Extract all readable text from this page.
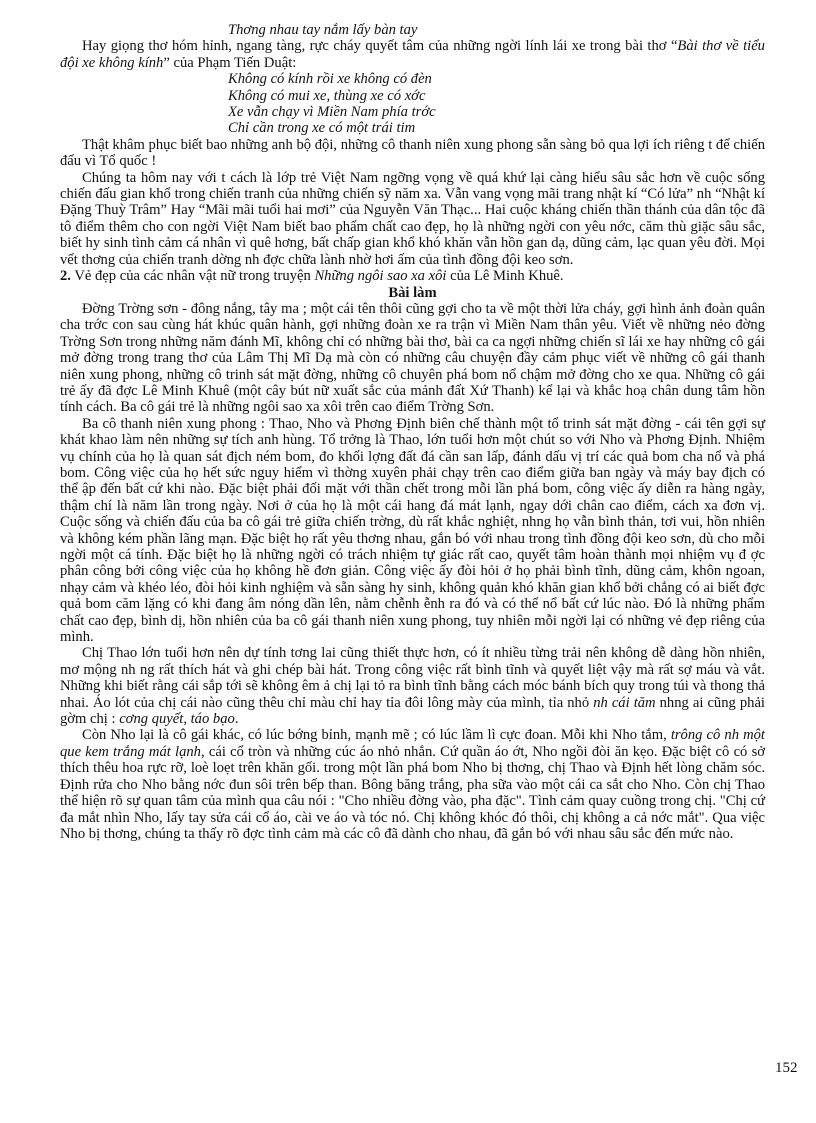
Thơng nhau tay nắm lấy bàn tay

Hay giọng thơ hóm hỉnh, ngang tàng, rực cháy quyết tâm của những ngời lính lái xe trong bài thơ “Bài thơ về tiểu đội xe không kính” của Phạm Tiến Duật:

Không có kính rồi xe không có đèn

Không có mui xe, thùng xe có xớc

Xe vẫn chạy vì Miền Nam phía trớc

Chỉ cần trong xe có một trái tim

Thật khâm phục biết bao những anh bộ đội, những cô thanh niên xung phong sẵn sàng bỏ qua lợi ích riêng t để chiến đấu vì Tổ quốc !

Chúng ta hôm nay với t cách là lớp trẻ Việt Nam ngỡng vọng về quá khứ lại càng hiểu sâu sắc hơn về cuộc sống chiến đấu gian khổ trong chiến tranh của những chiến sỹ năm xa. Vẫn vang vọng mãi trang nhật kí “Có lửa” nh “Nhật kí Đặng Thuỳ Trâm” Hay “Mãi mãi tuổi hai mơi” của Nguyễn Văn Thạc... Hai cuộc kháng chiến thần thánh của dân tộc đã tô điểm thêm cho con ngời Việt Nam biết bao phẩm chất cao đẹp, họ là những ngời con yêu nớc, căm thù giặc sâu sắc, biết hy sinh tình cảm cá nhân vì quê hơng, bất chấp gian khổ khó khăn vẫn hồn gan dạ, dũng cảm, lạc quan yêu đời. Mọi vết thơng của chiến tranh dờng nh đợc chữa lành nhờ hơi ấm của tình đồng đội keo sơn.

2. Vẻ đẹp của các nhân vật nữ trong truyện Những ngôi sao xa xôi của Lê Minh Khuê.

Bài làm

Đờng Trờng sơn - đông nắng, tây ma ; một cái tên thôi cũng gợi cho ta về một thời lửa cháy, gợi hình ảnh đoàn quân cha trớc con sau cùng hát khúc quân hành, gợi những đoàn xe ra trận vì Miền Nam thân yêu. Viết về những nẻo đờng Trờng Sơn trong những năm đánh Mĩ, không chỉ có những bài thơ, bài ca ca ngợi những chiến sĩ lái xe hay những cô gái mở đờng trong trang thơ của Lâm Thị Mĩ Dạ mà còn có những câu chuyện đầy cảm phục viết về những cô gái thanh niên xung phong, những cô trinh sát mặt đờng, những cô chuyên phá bom nổ chậm mở đờng cho xe qua. Những cô gái trẻ ấy đã đợc Lê Minh Khuê (một cây bút nữ xuất sắc của mảnh đất Xứ Thanh) kể lại và khắc hoạ chân dung tâm hồn tính cách. Ba cô gái trẻ là những ngôi sao xa xôi trên cao điểm Trờng Sơn.

Ba cô thanh niên xung phong : Thao, Nho và Phơng Định biên chế thành một tổ trinh sát mặt đờng - cái tên gợi sự khát khao làm nên những sự tích anh hùng. Tổ trởng là Thao, lớn tuổi hơn một chút so với Nho và Phơng Định. Nhiệm vụ chính của họ là quan sát địch ném bom, đo khối lợng đất đá cần san lấp, đánh dấu vị trí các quả bom cha nổ và phá bom. Công việc của họ hết sức nguy hiểm vì thờng xuyên phải chạy trên cao điểm giữa ban ngày và máy bay địch có thể ập đến bất cứ khi nào. Đặc biệt phải đối mặt với thần chết trong mỗi lần phá bom, công việc ấy diễn ra hàng ngày, thậm chí là năm lần trong ngày. Nơi ở của họ là một cái hang đá mát lạnh, ngay dới chân cao điểm, cách xa đơn vị. Cuộc sống và chiến đấu của ba cô gái trẻ giữa chiến trờng, dù rất khắc nghiệt, nhng họ vẫn bình thản, tơi vui, hồn nhiên và không kém phần lãng mạn. Đặc biệt họ rất yêu thơng nhau, gắn bó với nhau trong tình đồng đội keo sơn, dù cho mỗi ngời một cá tính. Đặc biệt họ là những ngời có trách nhiệm tự giác rất cao, quyết tâm hoàn thành mọi nhiệm vụ đ ợc phân công bởi công việc của họ không hề đơn giản. Công việc ấy đòi hỏi ở họ phải bình tĩnh, dũng cảm, khôn ngoan, nhạy cảm và khéo léo, đòi hỏi kinh nghiệm và sẵn sàng hy sinh, không quản khó khăn gian khổ bởi chẳng có ai biết đợc quả bom căm lặng có khi đang âm nóng dần lên, nằm chễnh ễnh ra đó và có thể nổ bất cứ lúc nào. Đó là những phẩm chất cao đẹp, bình dị, hồn nhiên của ba cô gái thanh niên xung phong, tuy nhiên mỗi ngời lại có những vẻ đẹp riêng của mình.

Chị Thao lớn tuổi hơn nên dự tính tơng lai cũng thiết thực hơn, có ít nhiều từng trải nên không dễ dàng hồn nhiên, mơ mộng nh ng rất thích hát và ghi chép bài hát. Trong công việc rất bình tĩnh và quyết liệt vậy mà rất sợ máu và vắt. Những khi biết rằng cái sắp tới sẽ không êm ả chị lại tỏ ra bình tĩnh bằng cách móc bánh bích quy trong túi và thong thả nhai. Áo lót của chị cái nào cũng thêu chỉ màu chỉ hay tỉa đôi lông mày của mình, tỉa nhỏ nh cái tăm nhng ai cũng phải gờm chị : cơng quyết, táo bạo.

Còn Nho lại là cô gái khác, có lúc bớng bỉnh, mạnh mẽ ; có lúc lầm lì cực đoan. Mỗi khi Nho tắm, trông cô nh một que kem trắng mát lạnh, cái cổ tròn và những cúc áo nhỏ nhắn. Cứ quần áo ớt, Nho ngồi đòi ăn kẹo. Đặc biệt cô có sở thích thêu hoa rực rỡ, loè loẹt trên khăn gối. trong một lần phá bom Nho bị thơng, chị Thao và Định hết lòng chăm sóc. Định rửa cho Nho bằng nớc đun sôi trên bếp than. Bông băng trắng, pha sữa vào một cái ca sắt cho Nho. Còn chị Thao thể hiện rõ sự quan tâm của mình qua câu nói : "Cho nhiều đờng vào, pha đặc". Tình cảm quay cuồng trong chị. "Chị cứ đa mắt nhìn Nho, lấy tay sửa cái cổ áo, cài ve áo và tóc nó. Chị không khóc đó thôi, chị không a cả nớc mắt". Qua việc Nho bị thơng, chúng ta thấy rõ đợc tình cảm mà các cô đã dành cho nhau, đã gắn bó với nhau sâu sắc đến mức nào.

152
